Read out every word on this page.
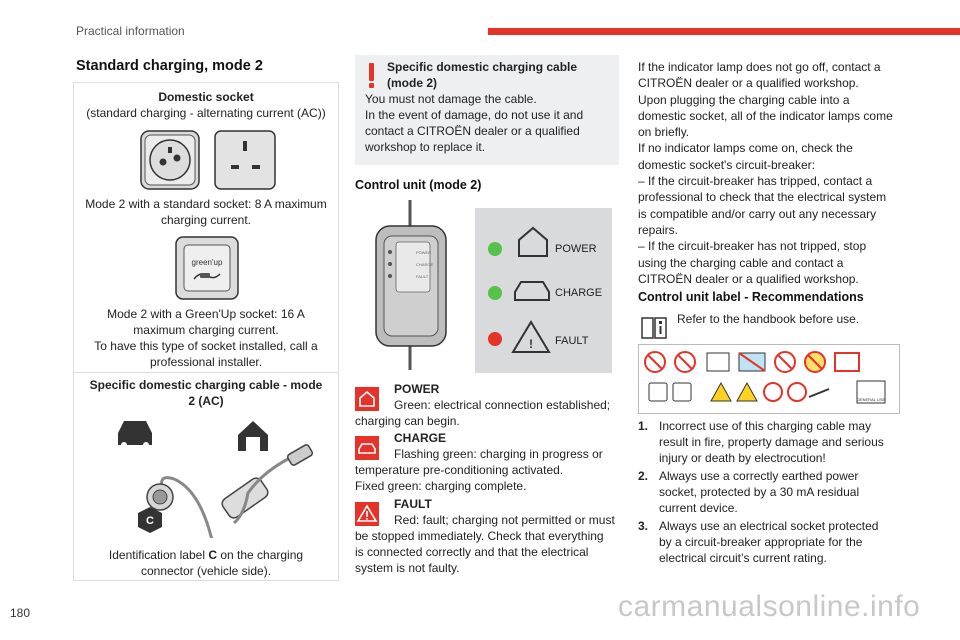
Practical information
Standard charging, mode 2
Domestic socket
(standard charging - alternating current (AC))
Mode 2 with a standard socket: 8 A maximum
charging current.
green'up
Mode 2 with a Green'Up socket: 16 A
maximum charging current.
To have this type of socket installed, call a
professional installer.
Specific domestic charging cable - mode
2 (AC)
C
Identification label C on the charging
connector (vehicle side).
Specific domestic charging cable
(mode 2)
You must not damage the cable.
In the event of damage, do not use it and
contact a CITROËN dealer or a qualified
workshop to replace it.
Control unit (mode 2)
POWER
CHARGE
FAULT
POWER
CHARGE
! FAULT
POWER
Green: electrical connection established;
charging can begin.
CHARGE
Flashing green: charging in progress or
temperature pre-conditioning activated.
Fixed green: charging complete.
FAULT
Red: fault; charging not permitted or must
be stopped immediately. Check that everything
is connected correctly and that the electrical
system is not faulty.
If the indicator lamp does not go off, contact a
CITROËN dealer or a qualified workshop.
Upon plugging the charging cable into a
domestic socket, all of the indicator lamps come
on briefly.
If no indicator lamps come on, check the
domestic socket's circuit-breaker:
– If the circuit-breaker has tripped, contact a
professional to check that the electrical system
is compatible and/or carry out any necessary
repairs.
– If the circuit-breaker has not tripped, stop
using the charging cable and contact a
CITROËN dealer or a qualified workshop.
Control unit label - Recommendations
Refer to the handbook before use.
GENERAL USE
1. Incorrect use of this charging cable may
result in fire, property damage and serious
injury or death by electrocution!
2. Always use a correctly earthed power
socket, protected by a 30 mA residual
current device.
3. Always use an electrical socket protected
by a circuit-breaker appropriate for the
electrical circuit’s current rating.
180	carmanualsonline.info
